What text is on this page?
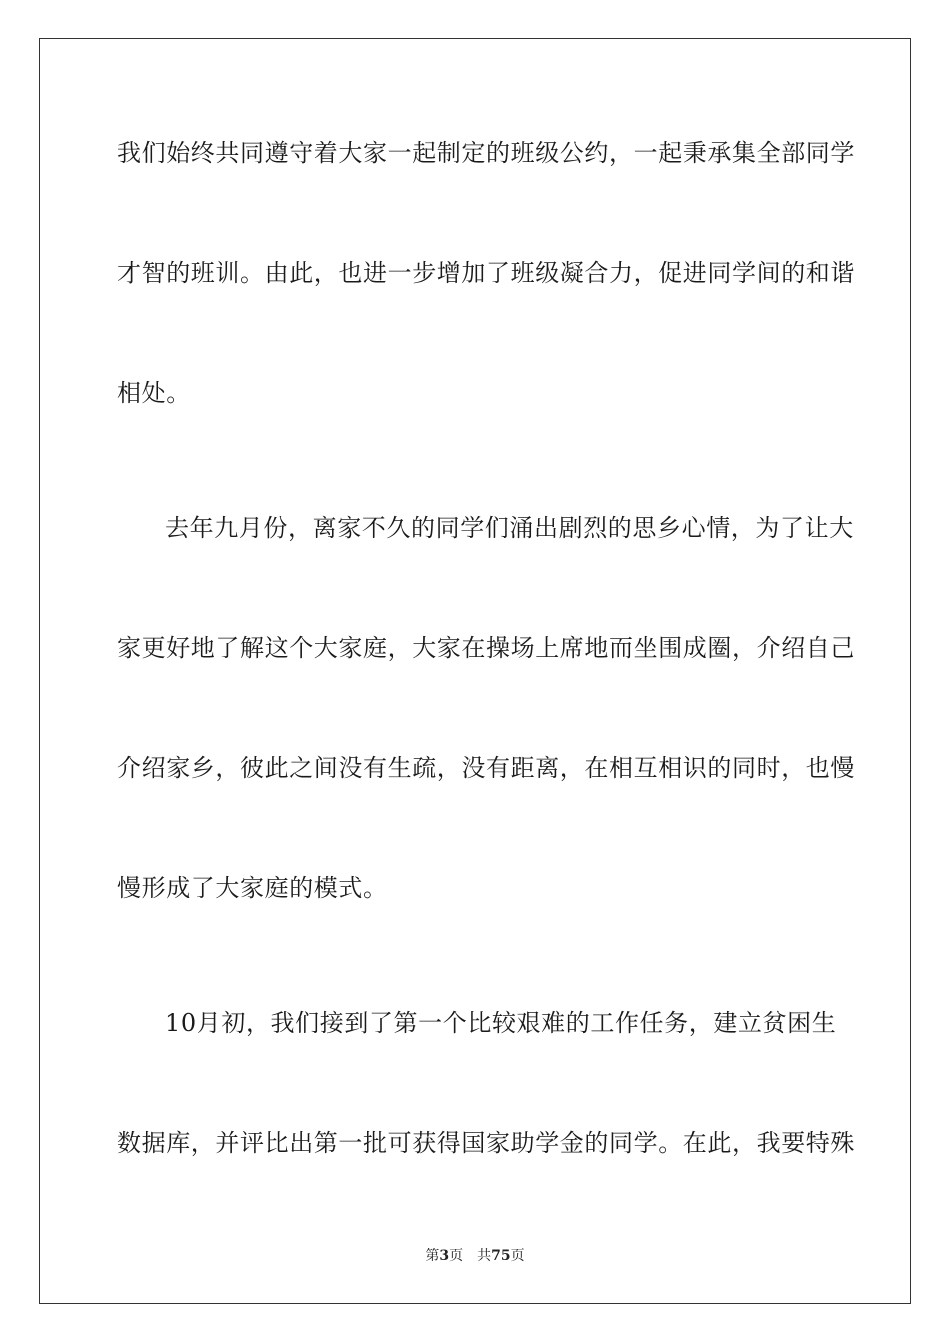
我们始终共同遵守着大家一起制定的班级公约，一起秉承集全部同学
才智的班训。由此，也进一步增加了班级凝合力，促进同学间的和谐
相处。
去年九月份，离家不久的同学们涌出剧烈的思乡心情，为了让大
家更好地了解这个大家庭，大家在操场上席地而坐围成圈，介绍自己
介绍家乡，彼此之间没有生疏，没有距离，在相互相识的同时，也慢
慢形成了大家庭的模式。
10月初，我们接到了第一个比较艰难的工作任务，建立贫困生
数据库，并评比出第一批可获得国家助学金的同学。在此，我要特殊
第3页 共75页
